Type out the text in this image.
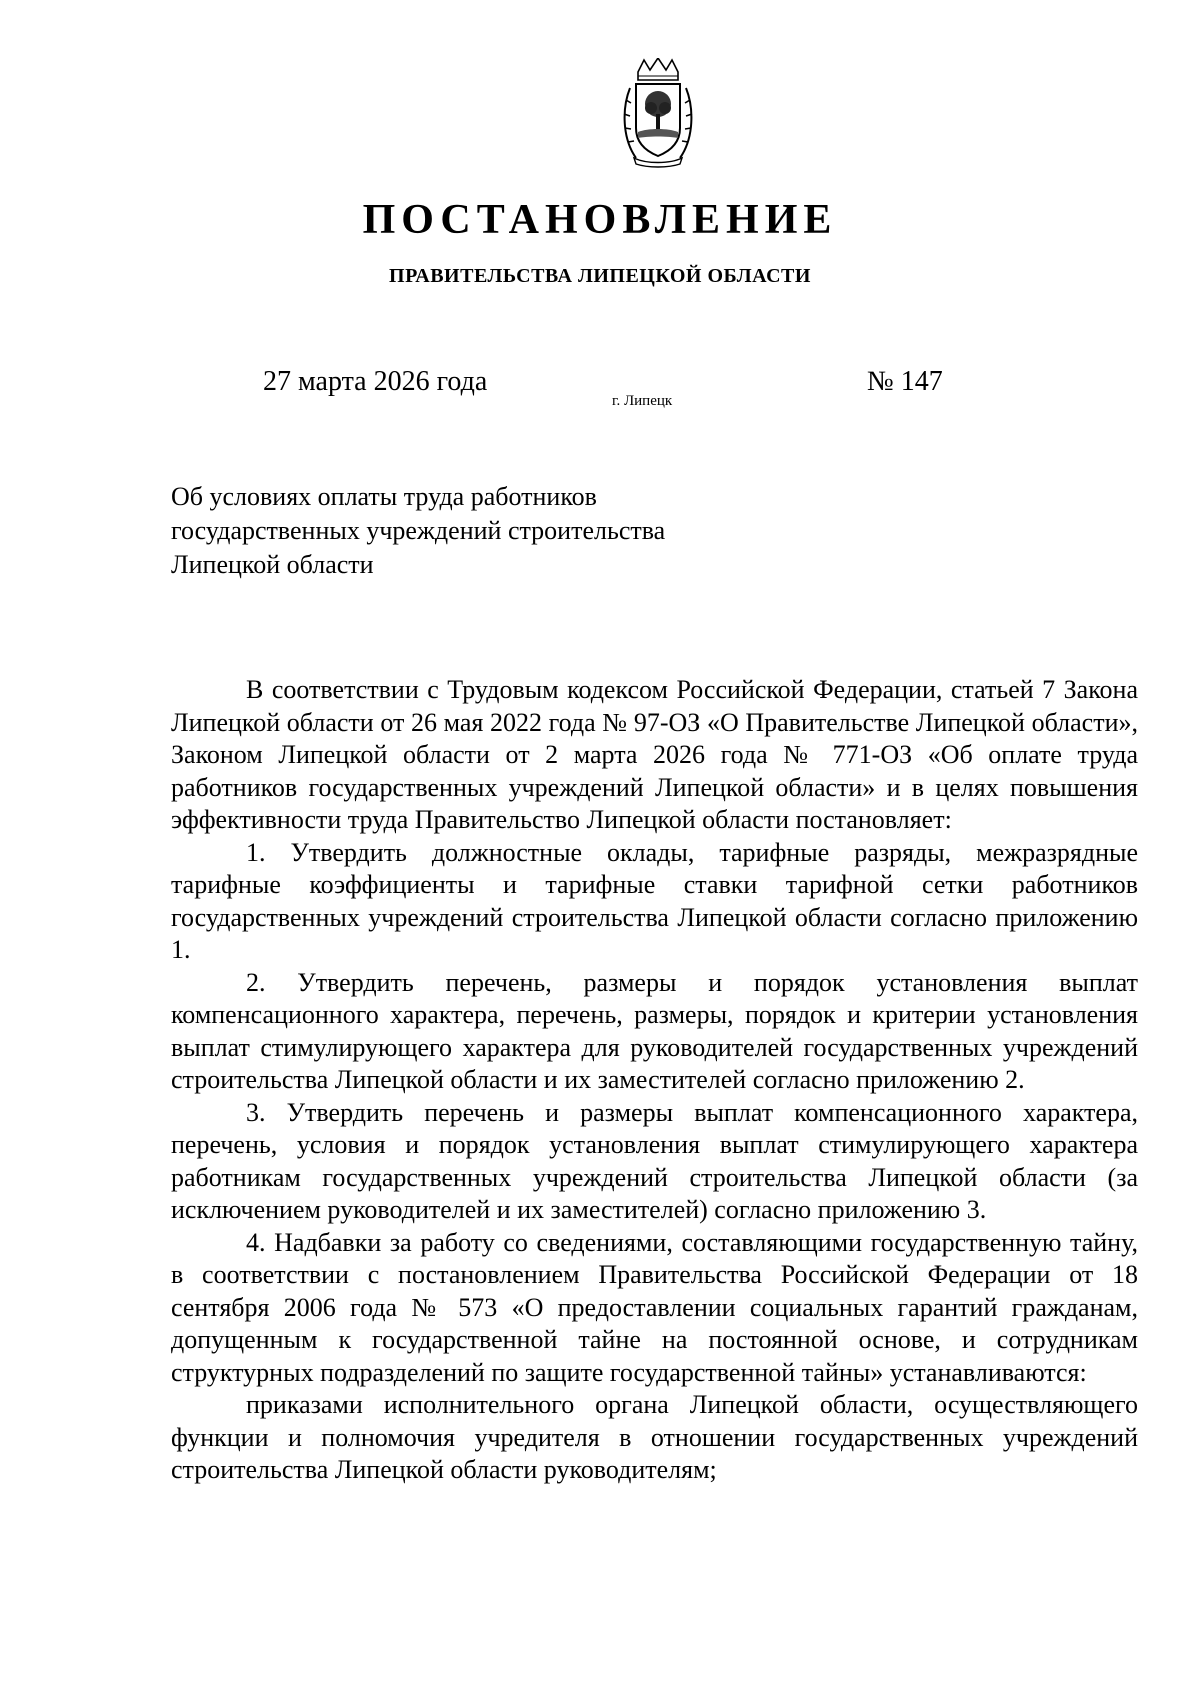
ПОСТАНОВЛЕНИЕ
ПРАВИТЕЛЬСТВА ЛИПЕЦКОЙ ОБЛАСТИ
27 марта 2026 года
г. Липецк
№ 147
Об условиях оплаты труда работников
государственных учреждений строительства
Липецкой области

В соответствии с Трудовым кодексом Российской Федерации, статьей 7 Закона Липецкой области от 26 мая 2022 года № 97-ОЗ «О Правительстве Липецкой области», Законом Липецкой области от 2 марта 2026 года № 771-ОЗ «Об оплате труда работников государственных учреждений Липецкой области» и в целях повышения эффективности труда Правительство Липецкой области постановляет:

1. Утвердить должностные оклады, тарифные разряды, межразрядные тарифные коэффициенты и тарифные ставки тарифной сетки работников государственных учреждений строительства Липецкой области согласно приложению 1.

2. Утвердить перечень, размеры и порядок установления выплат компенсационного характера, перечень, размеры, порядок и критерии установления выплат стимулирующего характера для руководителей государственных учреждений строительства Липецкой области и их заместителей согласно приложению 2.

3. Утвердить перечень и размеры выплат компенсационного характера, перечень, условия и порядок установления выплат стимулирующего характера работникам государственных учреждений строительства Липецкой области (за исключением руководителей и их заместителей) согласно приложению 3.

4. Надбавки за работу со сведениями, составляющими государственную тайну, в соответствии с постановлением Правительства Российской Федерации от 18 сентября 2006 года № 573 «О предоставлении социальных гарантий гражданам, допущенным к государственной тайне на постоянной основе, и сотрудникам структурных подразделений по защите государственной тайны» устанавливаются:

приказами исполнительного органа Липецкой области, осуществляющего функции и полномочия учредителя в отношении государственных учреждений строительства Липецкой области руководителям;
